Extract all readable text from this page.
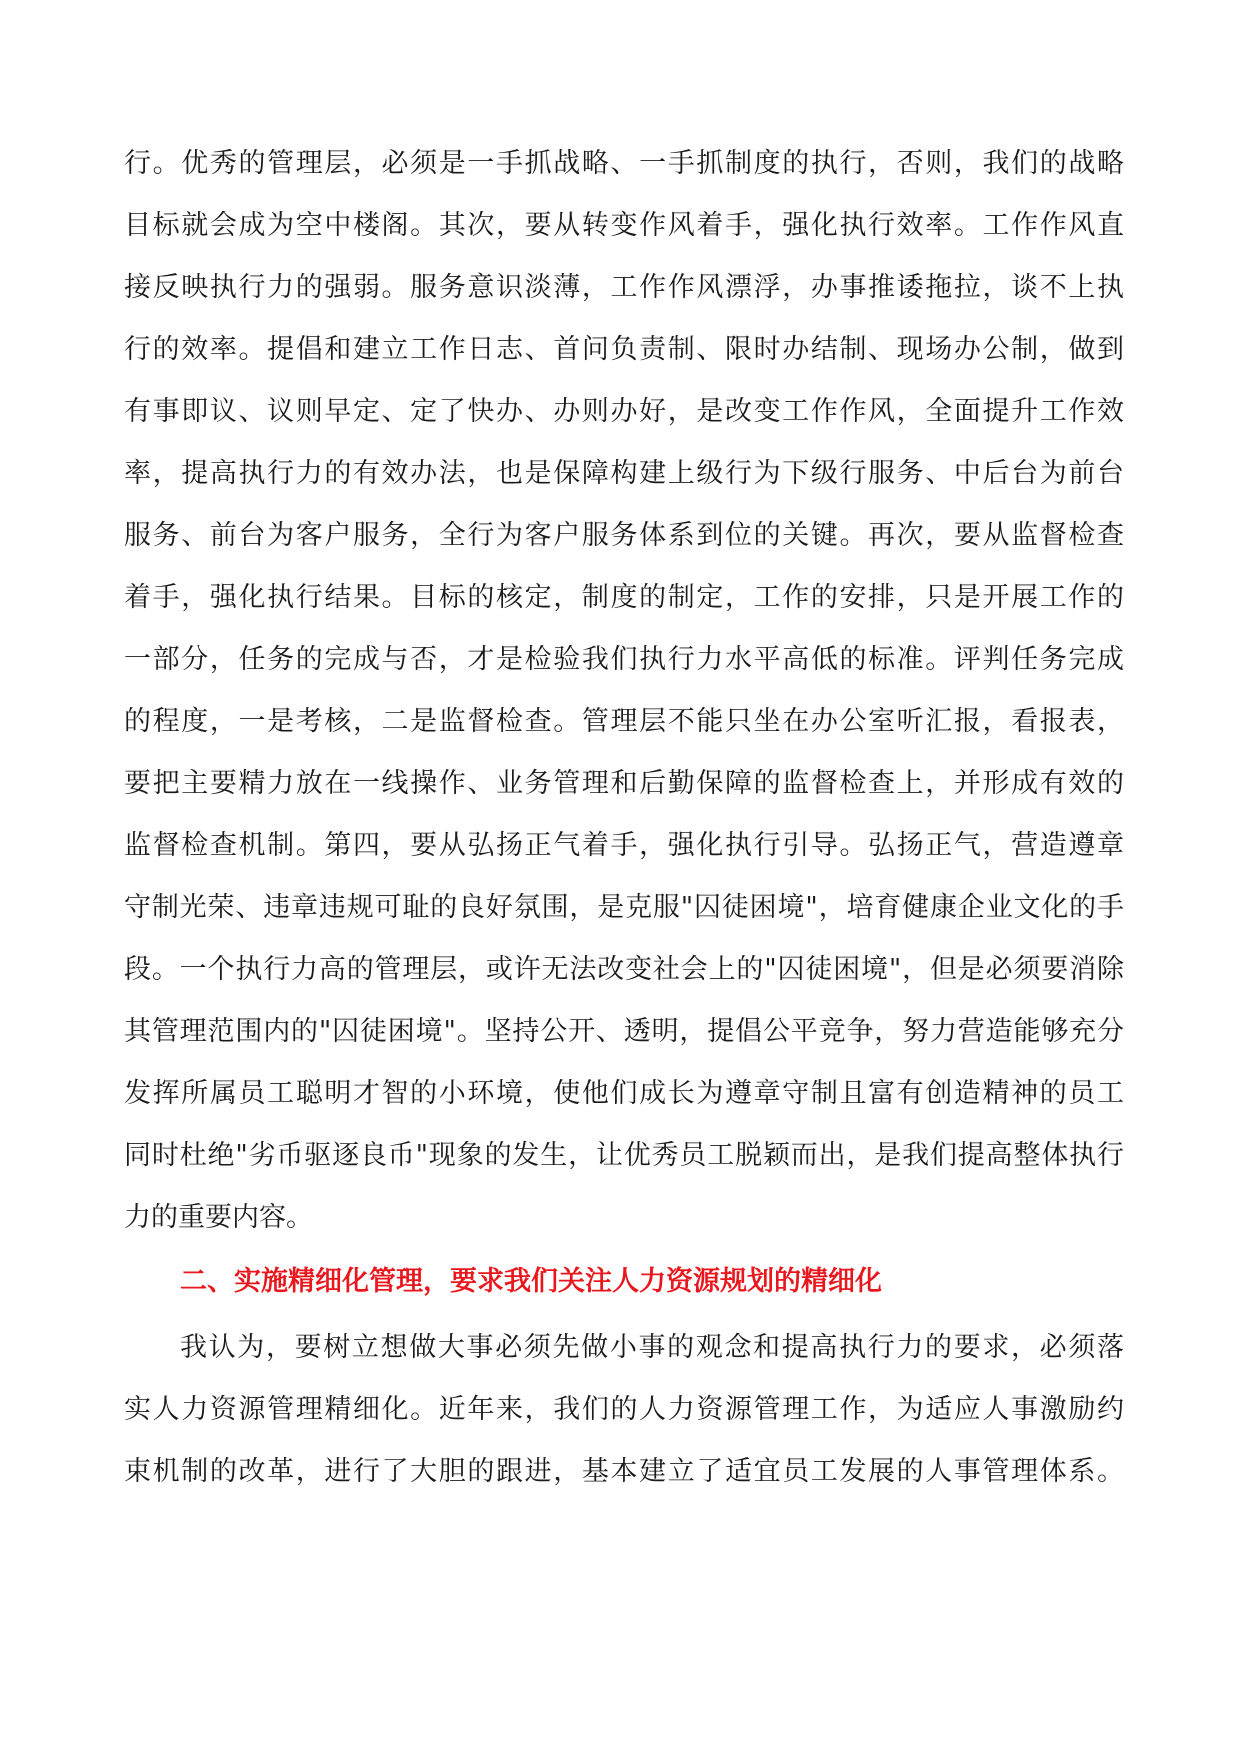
行。优秀的管理层，必须是一手抓战略、一手抓制度的执行，否则，我们的战略
目标就会成为空中楼阁。其次，要从转变作风着手，强化执行效率。工作作风直
接反映执行力的强弱。服务意识淡薄，工作作风漂浮，办事推诿拖拉，谈不上执
行的效率。提倡和建立工作日志、首问负责制、限时办结制、现场办公制，做到
有事即议、议则早定、定了快办、办则办好，是改变工作作风，全面提升工作效
率，提高执行力的有效办法，也是保障构建上级行为下级行服务、中后台为前台
服务、前台为客户服务，全行为客户服务体系到位的关键。再次，要从监督检查
着手，强化执行结果。目标的核定，制度的制定，工作的安排，只是开展工作的
一部分，任务的完成与否，才是检验我们执行力水平高低的标准。评判任务完成
的程度，一是考核，二是监督检查。管理层不能只坐在办公室听汇报，看报表，
要把主要精力放在一线操作、业务管理和后勤保障的监督检查上，并形成有效的
监督检查机制。第四，要从弘扬正气着手，强化执行引导。弘扬正气，营造遵章
守制光荣、违章违规可耻的良好氛围，是克服"囚徒困境"，培育健康企业文化的手
段。一个执行力高的管理层，或许无法改变社会上的"囚徒困境"，但是必须要消除
其管理范围内的"囚徒困境"。坚持公开、透明，提倡公平竞争，努力营造能够充分
发挥所属员工聪明才智的小环境，使他们成长为遵章守制且富有创造精神的员工
同时杜绝"劣币驱逐良币"现象的发生，让优秀员工脱颖而出，是我们提高整体执行
力的重要内容。
二、实施精细化管理，要求我们关注人力资源规划的精细化
我认为，要树立想做大事必须先做小事的观念和提高执行力的要求，必须落
实人力资源管理精细化。近年来，我们的人力资源管理工作，为适应人事激励约
束机制的改革，进行了大胆的跟进，基本建立了适宜员工发展的人事管理体系。
